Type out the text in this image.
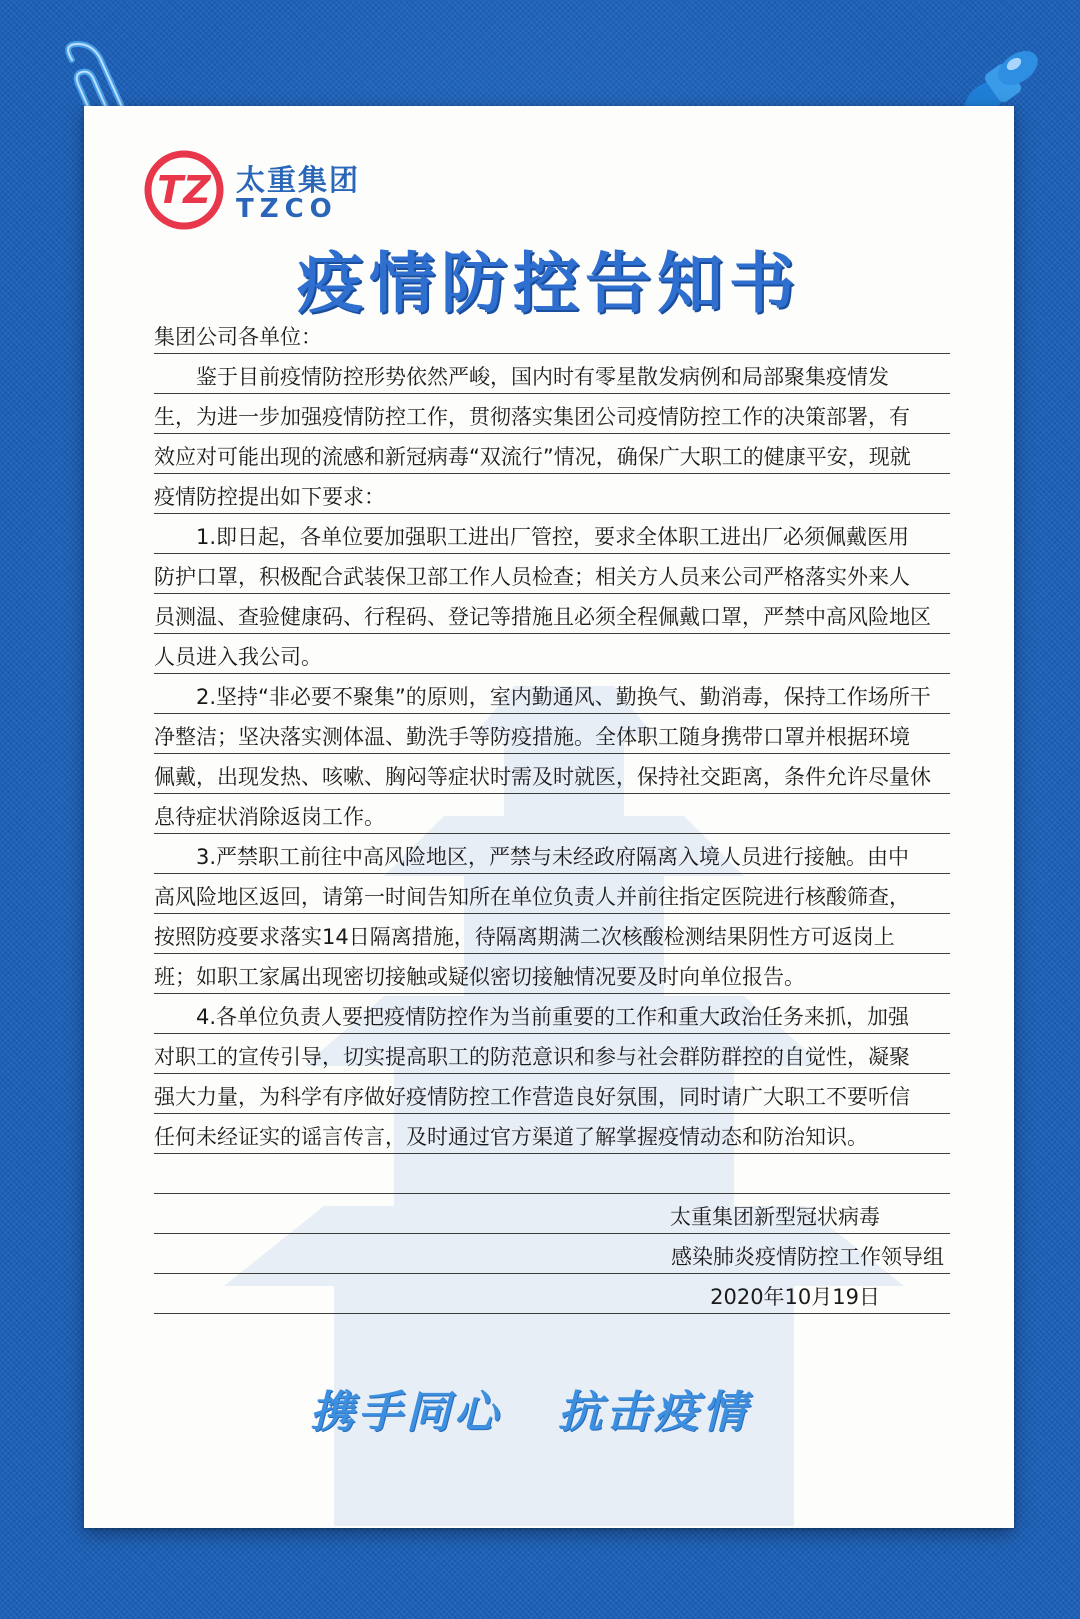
TZ 太重集团
TZCO
疫情防控告知书
集团公司各单位：
鉴于目前疫情防控形势依然严峻，国内时有零星散发病例和局部聚集疫情发
生，为进一步加强疫情防控工作，贯彻落实集团公司疫情防控工作的决策部署，有
效应对可能出现的流感和新冠病毒“双流行”情况，确保广大职工的健康平安，现就
疫情防控提出如下要求：
1.即日起，各单位要加强职工进出厂管控，要求全体职工进出厂必须佩戴医用
防护口罩，积极配合武装保卫部工作人员检查；相关方人员来公司严格落实外来人
员测温、查验健康码、行程码、登记等措施且必须全程佩戴口罩，严禁中高风险地区
人员进入我公司。
2.坚持“非必要不聚集”的原则，室内勤通风、勤换气、勤消毒，保持工作场所干
净整洁；坚决落实测体温、勤洗手等防疫措施。全体职工随身携带口罩并根据环境
佩戴，出现发热、咳嗽、胸闷等症状时需及时就医，保持社交距离，条件允许尽量休
息待症状消除返岗工作。
3.严禁职工前往中高风险地区，严禁与未经政府隔离入境人员进行接触。由中
高风险地区返回，请第一时间告知所在单位负责人并前往指定医院进行核酸筛查，
按照防疫要求落实14日隔离措施，待隔离期满二次核酸检测结果阴性方可返岗上
班；如职工家属出现密切接触或疑似密切接触情况要及时向单位报告。
4.各单位负责人要把疫情防控作为当前重要的工作和重大政治任务来抓，加强
对职工的宣传引导，切实提高职工的防范意识和参与社会群防群控的自觉性，凝聚
强大力量，为科学有序做好疫情防控工作营造良好氛围，同时请广大职工不要听信
任何未经证实的谣言传言，及时通过官方渠道了解掌握疫情动态和防治知识。
太重集团新型冠状病毒
感染肺炎疫情防控工作领导组
2020年10月19日
携手同心 抗击疫情
